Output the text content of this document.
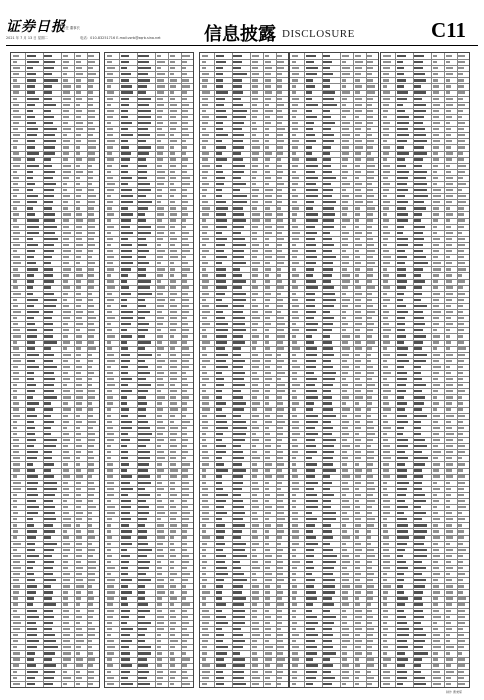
证券日报
责任 董事长
2021 年 7 月 13 日 星期二	电话：010-83251716 E-mail:zzrb@zqrb.sina.net 信息披露 DISCLOSURE	C11
制作 曹秉琛
